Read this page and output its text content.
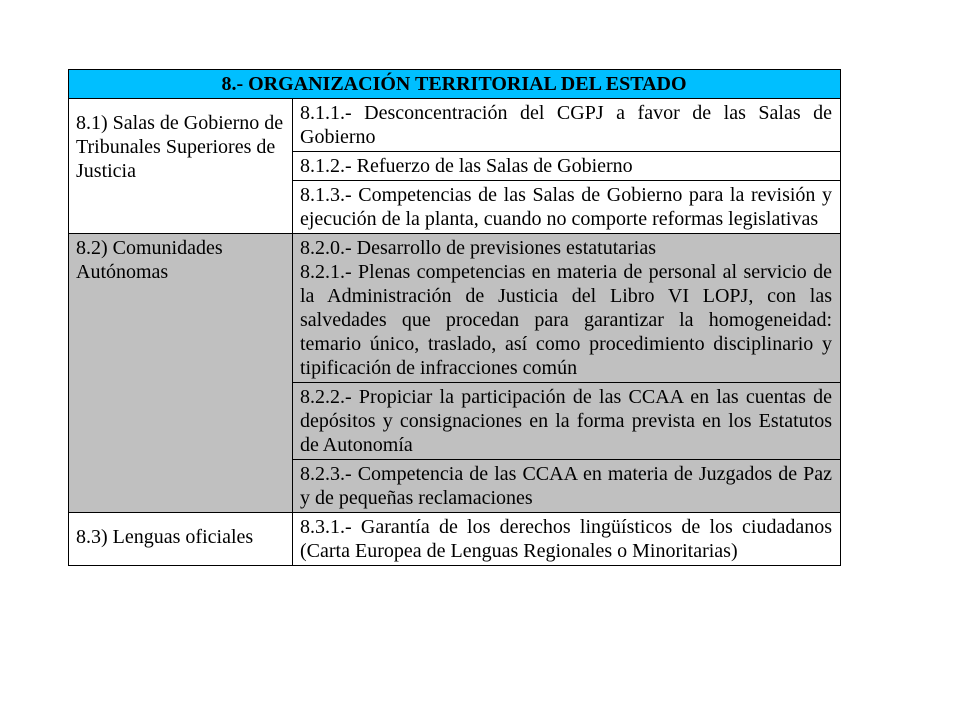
8.- ORGANIZACIÓN TERRITORIAL DEL ESTADO	
8.1) Salas de Gobierno de Tribunales Superiores de Justicia	8.1.1.- Desconcentración del CGPJ a favor de las Salas de Gobierno
	8.1.2.- Refuerzo de las Salas de Gobierno
	8.1.3.- Competencias de las Salas de Gobierno para la revisión y ejecución de la planta, cuando no comporte reformas legislativas
8.2) Comunidades Autónomas	8.2.0.- Desarrollo de previsiones estatutarias
8.2.1.- Plenas competencias en materia de personal al servicio de la Administración de Justicia del Libro VI LOPJ, con las salvedades que procedan para garantizar la homogeneidad: temario único, traslado, así como procedimiento disciplinario y tipificación de infracciones común

	8.2.2.- Propiciar la participación de las CCAA en las cuentas de depósitos y consignaciones en la forma prevista en los Estatutos de Autonomía
	8.2.3.- Competencia de las CCAA en materia de Juzgados de Paz y de pequeñas reclamaciones
8.3) Lenguas oficiales	8.3.1.- Garantía de los derechos lingüísticos de los ciudadanos (Carta Europea de Lenguas Regionales o Minoritarias)
